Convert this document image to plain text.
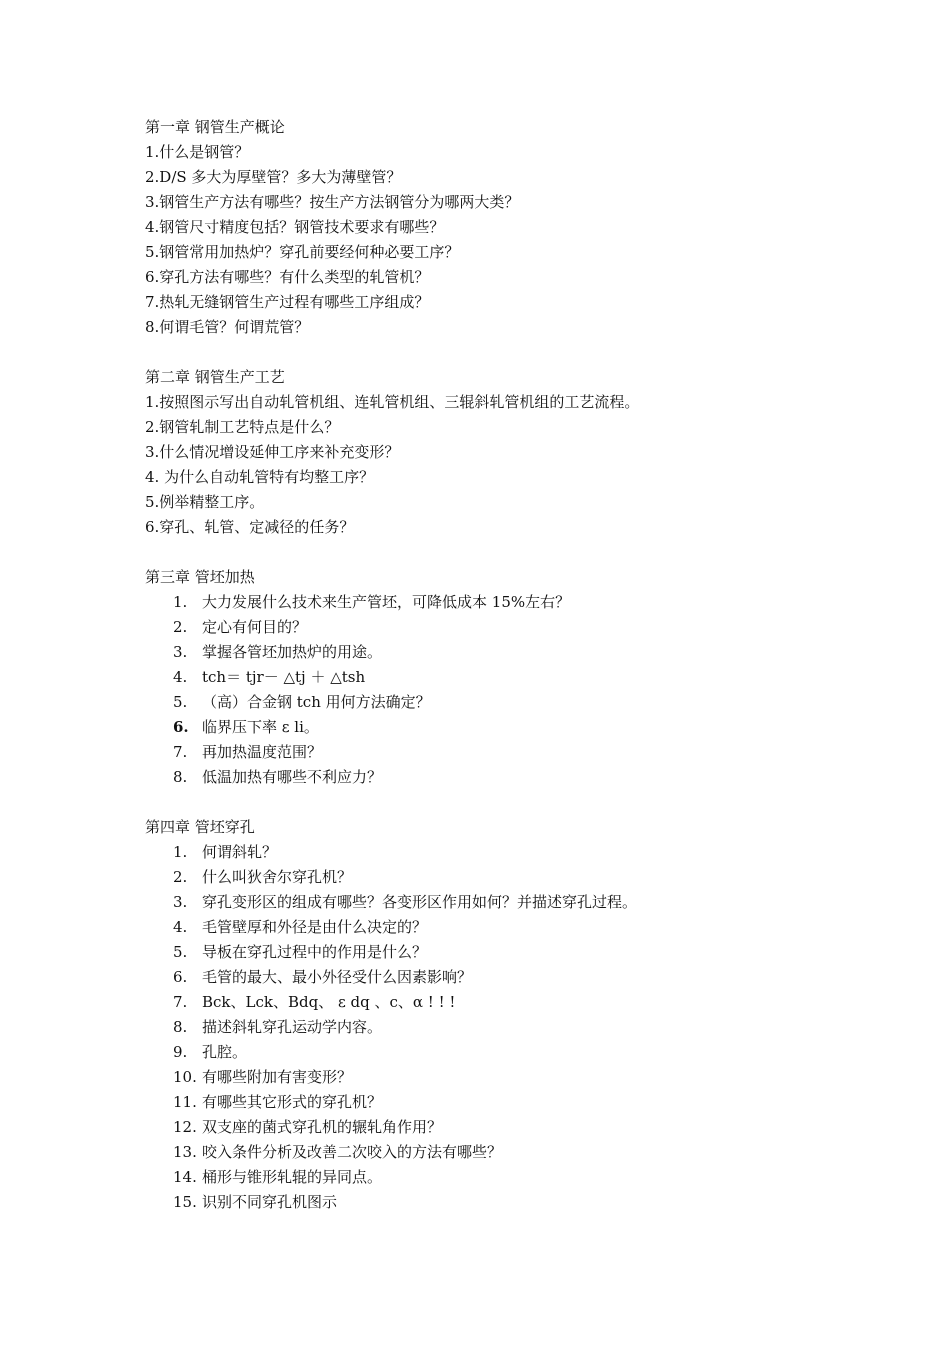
第一章 钢管生产概论
1.什么是钢管？
2.D/S 多大为厚壁管？多大为薄壁管？
3.钢管生产方法有哪些？按生产方法钢管分为哪两大类？
4.钢管尺寸精度包括？钢管技术要求有哪些？
5.钢管常用加热炉？穿孔前要经何种必要工序？
6.穿孔方法有哪些？有什么类型的轧管机？
7.热轧无缝钢管生产过程有哪些工序组成？
8.何谓毛管？何谓荒管？
第二章 钢管生产工艺
1.按照图示写出自动轧管机组、连轧管机组、三辊斜轧管机组的工艺流程。
2.钢管轧制工艺特点是什么？
3.什么情况增设延伸工序来补充变形？
4. 为什么自动轧管特有均整工序？
5.例举精整工序。
6.穿孔、轧管、定减径的任务？
第三章 管坯加热
1. 大力发展什么技术来生产管坯，可降低成本 15%左右？
2. 定心有何目的？
3. 掌握各管坯加热炉的用途。
4. tch＝ tjr－ △tj ＋ △tsh
5. （高）合金钢 tch 用何方法确定？
6. 临界压下率 ε li。
7. 再加热温度范围？
8. 低温加热有哪些不利应力？
第四章 管坯穿孔
1. 何谓斜轧？
2. 什么叫狄舍尔穿孔机？
3. 穿孔变形区的组成有哪些？各变形区作用如何？并描述穿孔过程。
4. 毛管壁厚和外径是由什么决定的？
5. 导板在穿孔过程中的作用是什么？
6. 毛管的最大、最小外径受什么因素影响？
7. Bck、Lck、Bdq、 ε dq 、c、α ! ! !
8. 描述斜轧穿孔运动学内容。
9. 孔腔。
10. 有哪些附加有害变形？
11. 有哪些其它形式的穿孔机？
12. 双支座的菌式穿孔机的辗轧角作用？
13. 咬入条件分析及改善二次咬入的方法有哪些？
14. 桶形与锥形轧辊的异同点。
15. 识别不同穿孔机图示
